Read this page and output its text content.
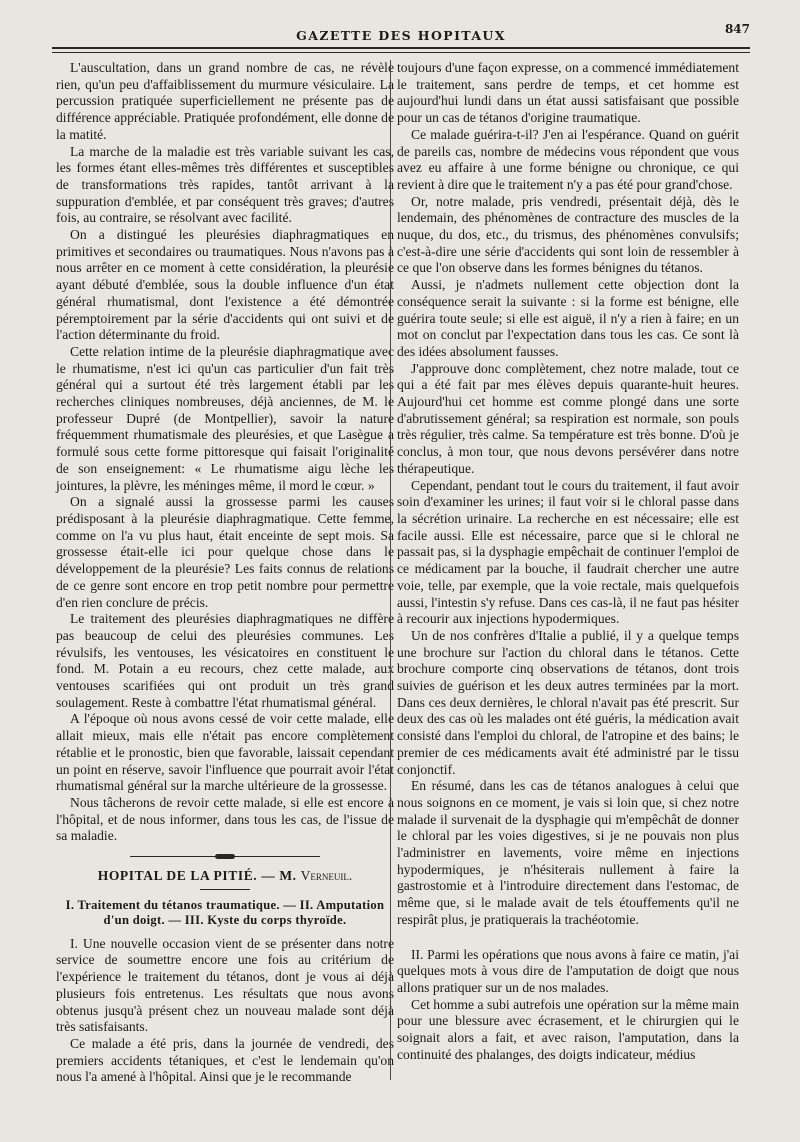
GAZETTE DES HOPITAUX	847

L'auscultation, dans un grand nombre de cas, ne révèle rien, qu'un peu d'affaiblissement du murmure vésiculaire. La percussion pratiquée superficiellement ne présente pas de différence appréciable. Pratiquée profondément, elle donne de la matité.

La marche de la maladie est très variable suivant les cas, les formes étant elles-mêmes très différentes et susceptibles de transformations très rapides, tantôt arrivant à la suppuration d'emblée, et par conséquent très graves; d'autres fois, au contraire, se résolvant avec facilité.

On a distingué les pleurésies diaphragmatiques en primitives et secondaires ou traumatiques. Nous n'avons pas à nous arrêter en ce moment à cette considération, la pleurésie ayant débuté d'emblée, sous la double influence d'un état général rhumatismal, dont l'existence a été démontrée péremptoirement par la série d'accidents qui ont suivi et de l'action déterminante du froid.

Cette relation intime de la pleurésie diaphragmatique avec le rhumatisme, n'est ici qu'un cas particulier d'un fait très général qui a surtout été très largement établi par les recherches cliniques nombreuses, déjà anciennes, de M. le professeur Dupré (de Montpellier), savoir la nature fréquemment rhumatismale des pleurésies, et que Lasègue a formulé sous cette forme pittoresque qui faisait l'originalité de son enseignement: « Le rhumatisme aigu lèche les jointures, la plèvre, les méninges même, il mord le cœur. »

On a signalé aussi la grossesse parmi les causes prédisposant à la pleurésie diaphragmatique. Cette femme, comme on l'a vu plus haut, était enceinte de sept mois. Sa grossesse était-elle ici pour quelque chose dans le développement de la pleurésie? Les faits connus de relations de ce genre sont encore en trop petit nombre pour permettre d'en rien conclure de précis.

Le traitement des pleurésies diaphragmatiques ne diffère pas beaucoup de celui des pleurésies communes. Les révulsifs, les ventouses, les vésicatoires en constituent le fond. M. Potain a eu recours, chez cette malade, aux ventouses scarifiées qui ont produit un très grand soulagement. Reste à combattre l'état rhumatismal général.

A l'époque où nous avons cessé de voir cette malade, elle allait mieux, mais elle n'était pas encore complètement rétablie et le pronostic, bien que favorable, laissait cependant un point en réserve, savoir l'influence que pourrait avoir l'état rhumatismal général sur la marche ultérieure de la grossesse.

Nous tâcherons de revoir cette malade, si elle est encore à l'hôpital, et de nous informer, dans tous les cas, de l'issue de sa maladie.

HOPITAL DE LA PITIÉ. — M. Verneuil.
I. Traitement du tétanos traumatique. — II. Amputation d'un doigt. — III. Kyste du corps thyroïde.

I. Une nouvelle occasion vient de se présenter dans notre service de soumettre encore une fois au critérium de l'expérience le traitement du tétanos, dont je vous ai déjà plusieurs fois entretenus. Les résultats que nous avons obtenus jusqu'à présent chez un nouveau malade sont déjà très satisfaisants.

Ce malade a été pris, dans la journée de vendredi, des premiers accidents tétaniques, et c'est le lendemain qu'on nous l'a amené à l'hôpital. Ainsi que je le recommande

toujours d'une façon expresse, on a commencé immédiatement le traitement, sans perdre de temps, et cet homme est aujourd'hui lundi dans un état aussi satisfaisant que possible pour un cas de tétanos d'origine traumatique.

Ce malade guérira-t-il? J'en ai l'espérance. Quand on guérit de pareils cas, nombre de médecins vous répondent que vous avez eu affaire à une forme bénigne ou chronique, ce qui revient à dire que le traitement n'y a pas été pour grand'chose.

Or, notre malade, pris vendredi, présentait déjà, dès le lendemain, des phénomènes de contracture des muscles de la nuque, du dos, etc., du trismus, des phénomènes convulsifs; c'est-à-dire une série d'accidents qui sont loin de ressembler à ce que l'on observe dans les formes bénignes du tétanos.

Aussi, je n'admets nullement cette objection dont la conséquence serait la suivante : si la forme est bénigne, elle guérira toute seule; si elle est aiguë, il n'y a rien à faire; en un mot on conclut par l'expectation dans tous les cas. Ce sont là des idées absolument fausses.

J'approuve donc complètement, chez notre malade, tout ce qui a été fait par mes élèves depuis quarante-huit heures. Aujourd'hui cet homme est comme plongé dans une sorte d'abrutissement général; sa respiration est normale, son pouls très régulier, très calme. Sa température est très bonne. D'où je conclus, à mon tour, que nous devons persévérer dans notre thérapeutique.

Cependant, pendant tout le cours du traitement, il faut avoir soin d'examiner les urines; il faut voir si le chloral passe dans la sécrétion urinaire. La recherche en est nécessaire; elle est facile aussi. Elle est nécessaire, parce que si le chloral ne passait pas, si la dysphagie empêchait de continuer l'emploi de ce médicament par la bouche, il faudrait chercher une autre voie, telle, par exemple, que la voie rectale, mais quelquefois aussi, l'intestin s'y refuse. Dans ces cas-là, il ne faut pas hésiter à recourir aux injections hypodermiques.

Un de nos confrères d'Italie a publié, il y a quelque temps une brochure sur l'action du chloral dans le tétanos. Cette brochure comporte cinq observations de tétanos, dont trois suivies de guérison et les deux autres terminées par la mort. Dans ces deux dernières, le chloral n'avait pas été prescrit. Sur deux des cas où les malades ont été guéris, la médication avait consisté dans l'emploi du chloral, de l'atropine et des bains; le premier de ces médicaments avait été administré par le tissu conjonctif.

En résumé, dans les cas de tétanos analogues à celui que nous soignons en ce moment, je vais si loin que, si chez notre malade il survenait de la dysphagie qui m'empêchât de donner le chloral par les voies digestives, si je ne pouvais non plus l'administrer en lavements, voire même en injections hypodermiques, je n'hésiterais nullement à faire la gastrostomie et à l'introduire directement dans l'estomac, de même que, si le malade avait de tels étouffements qu'il ne respirât plus, je pratiquerais la trachéotomie.

II. Parmi les opérations que nous avons à faire ce matin, j'ai quelques mots à vous dire de l'amputation de doigt que nous allons pratiquer sur un de nos malades.

Cet homme a subi autrefois une opération sur la même main pour une blessure avec écrasement, et le chirurgien qui le soignait alors a fait, et avec raison, l'amputation, dans la continuité des phalanges, des doigts indicateur, médius
